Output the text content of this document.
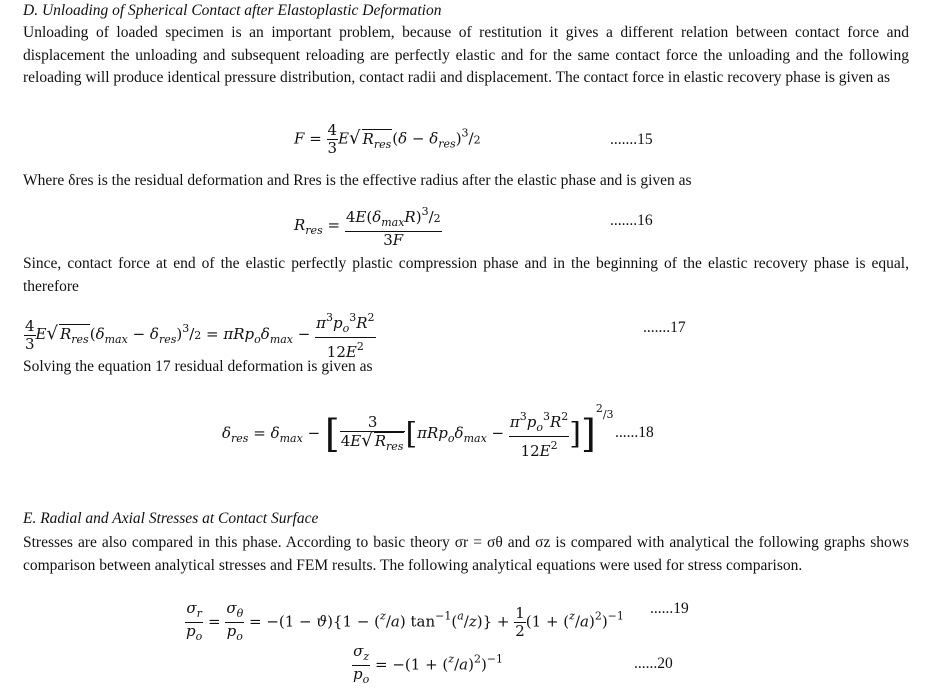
D. Unloading of Spherical Contact after Elastoplastic Deformation
Unloading of loaded specimen is an important problem, because of restitution it gives a different relation between contact force and displacement the unloading and subsequent reloading are perfectly elastic and for the same contact force the unloading and the following reloading will produce identical pressure distribution, contact radii and displacement. The contact force in elastic recovery phase is given as
$F = \frac{4}{3} E√$ $R_{res}(\delta - \delta_{res})^3/2$	.......15
Where δres is the residual deformation and Rres is the effective radius after the elastic phase and is given as
$R_{res} = \frac{4E(\delta_{max}R)^3/2}{3F}$	.......16
Since, contact force at end of the elastic perfectly plastic compression phase and in the beginning of the elastic recovery phase is equal, therefore
$\frac{4}{3} E√$ $R_{res}(\delta_{max} - \delta_{res})^3/2 = \pi Rp_o\delta_{max} - \frac{\pi^3p_o^3R^2}{12E^2}$	.......17
Solving the equation 17 residual deformation is given as
$\delta_{res} = \delta_{max}$ − [ $\frac{3}{4E√ R_{res}} [\pi Rp_o\delta_{max} - \frac{\pi^3p_o^3R^2}{12E^2} ]]^{2/3}$
......18
E. Radial and Axial Stresses at Contact Surface
Stresses are also compared in this phase. According to basic theory σr = σθ and σz is compared with analytical the following graphs shows comparison between analytical stresses and FEM results. The following analytical equations were used for stress comparison.
$\frac{\sigma_r}{p_o} = \frac{\sigma_\theta}{p_o} = -(1 - ϑ)\{1 - (^z/a) \tan^{-1}(^a/z)\} + \frac{1}{2} (1 + (^z/a)^2)^{-1}$ ......19
$\frac{\sigma_z}{p_o} = -(1 + (^z/a)^2)^{-1}$	......20
